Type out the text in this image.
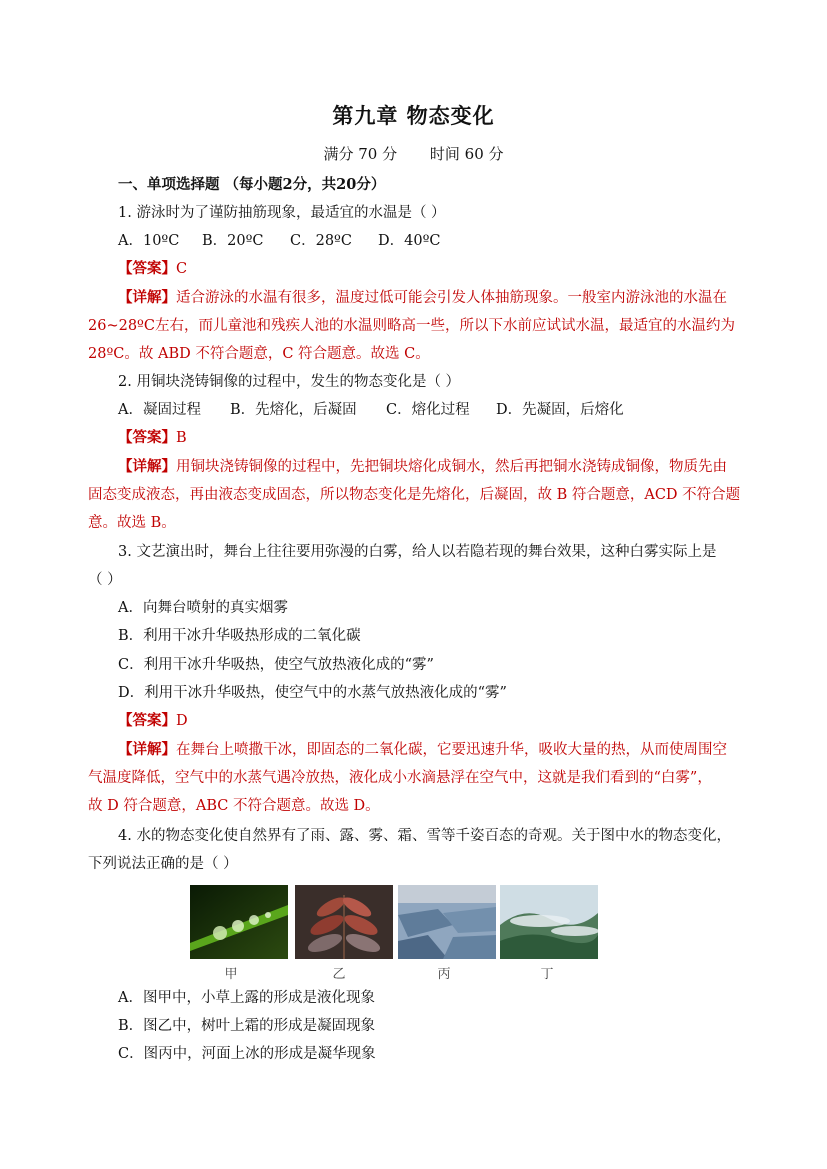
第九章 物态变化
满分 70 分 时间 60 分
一、单项选择题 （每小题2分，共20分）
1. 游泳时为了谨防抽筋现象，最适宜的水温是（ ）
A．10ºC B．20ºC C．28ºC D．40ºC
【答案】C
【详解】适合游泳的水温有很多，温度过低可能会引发人体抽筋现象。一般室内游泳池的水温在
26~28ºC左右，而儿童池和残疾人池的水温则略高一些，所以下水前应试试水温，最适宜的水温约为
28ºC。故 ABD 不符合题意，C 符合题意。故选 C。
2. 用铜块浇铸铜像的过程中，发生的物态变化是（ ）
A．凝固过程 B．先熔化，后凝固 C．熔化过程 D．先凝固，后熔化
【答案】B
【详解】用铜块浇铸铜像的过程中，先把铜块熔化成铜水，然后再把铜水浇铸成铜像，物质先由
固态变成液态，再由液态变成固态，所以物态变化是先熔化，后凝固，故 B 符合题意，ACD 不符合题
意。故选 B。
3. 文艺演出时，舞台上往往要用弥漫的白雾，给人以若隐若现的舞台效果，这种白雾实际上是
（ ）
A．向舞台喷射的真实烟雾
B．利用干冰升华吸热形成的二氧化碳
C．利用干冰升华吸热，使空气放热液化成的“雾”
D．利用干冰升华吸热，使空气中的水蒸气放热液化成的“雾”
【答案】D
【详解】在舞台上喷撒干冰，即固态的二氧化碳，它要迅速升华，吸收大量的热，从而使周围空
气温度降低，空气中的水蒸气遇冷放热，液化成小水滴悬浮在空气中，这就是我们看到的“白雾”，
故 D 符合题意，ABC 不符合题意。故选 D。
4. 水的物态变化使自然界有了雨、露、雾、霜、雪等千姿百态的奇观。关于图中水的物态变化，
下列说法正确的是（ ）
甲	乙	丙	丁
A．图甲中，小草上露的形成是液化现象
B．图乙中，树叶上霜的形成是凝固现象
C．图丙中，河面上冰的形成是凝华现象
